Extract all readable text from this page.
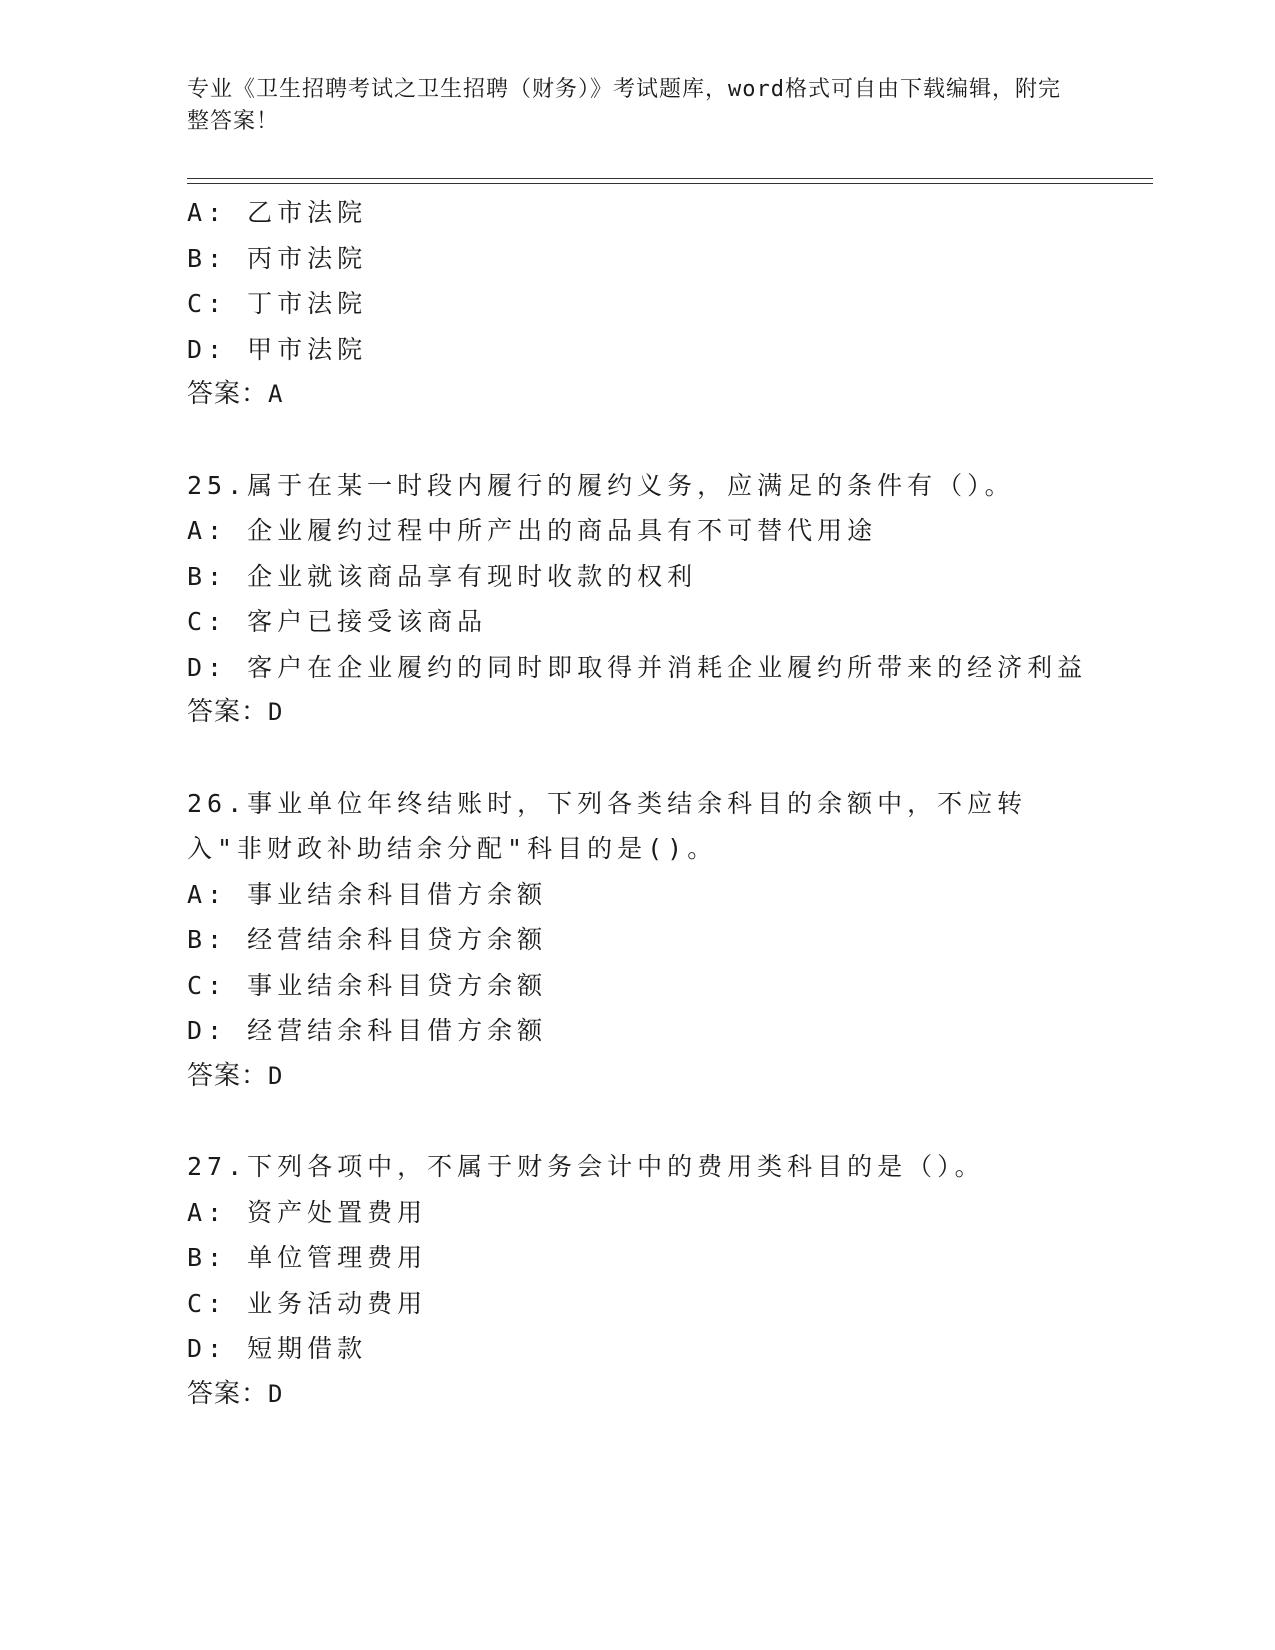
专业《卫生招聘考试之卫生招聘（财务）》考试题库，word格式可自由下载编辑，附完整答案！
A: 乙市法院
B: 丙市法院
C: 丁市法院
D: 甲市法院
答案：A
25.属于在某一时段内履行的履约义务，应满足的条件有（）。
A: 企业履约过程中所产出的商品具有不可替代用途
B: 企业就该商品享有现时收款的权利
C: 客户已接受该商品
D: 客户在企业履约的同时即取得并消耗企业履约所带来的经济利益
答案：D
26.事业单位年终结账时，下列各类结余科目的余额中，不应转入"非财政补助结余分配"科目的是()。
A: 事业结余科目借方余额
B: 经营结余科目贷方余额
C: 事业结余科目贷方余额
D: 经营结余科目借方余额
答案：D
27.下列各项中，不属于财务会计中的费用类科目的是（）。
A: 资产处置费用
B: 单位管理费用
C: 业务活动费用
D: 短期借款
答案：D
